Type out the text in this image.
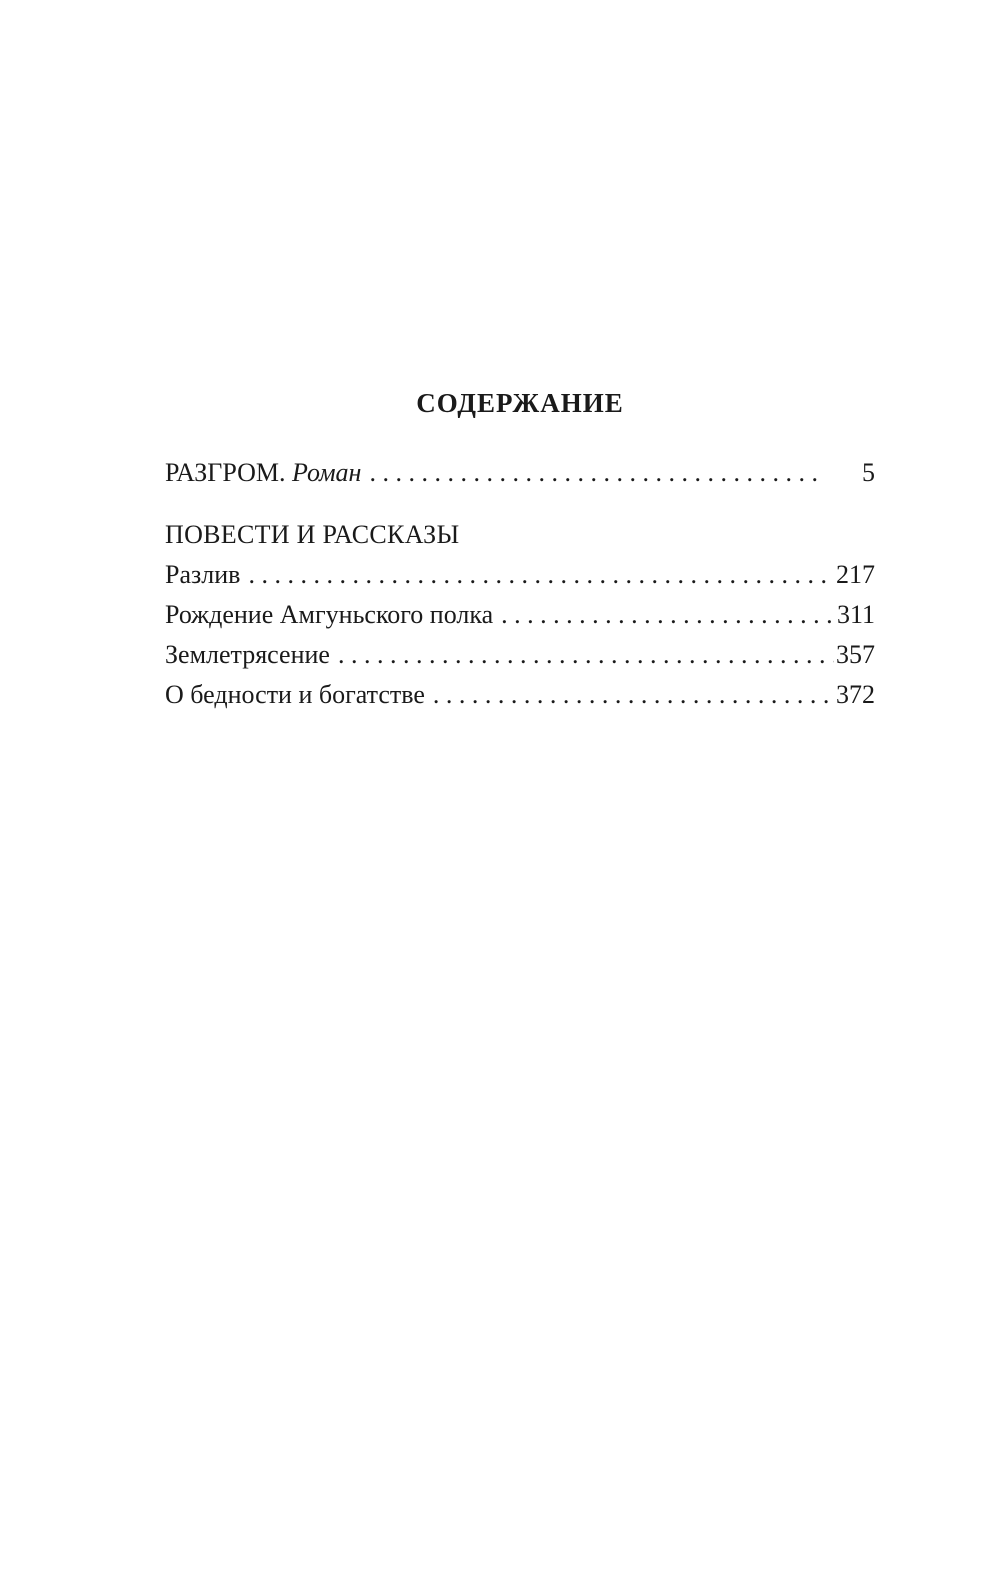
СОДЕРЖАНИЕ
РАЗГРОМ. Роман . . .	5
ПОВЕСТИ И РАССКАЗЫ
Разлив . . .	217
Рождение Амгуньского полка . . .	311
Землетрясение . . .	357
О бедности и богатстве . . .	372
